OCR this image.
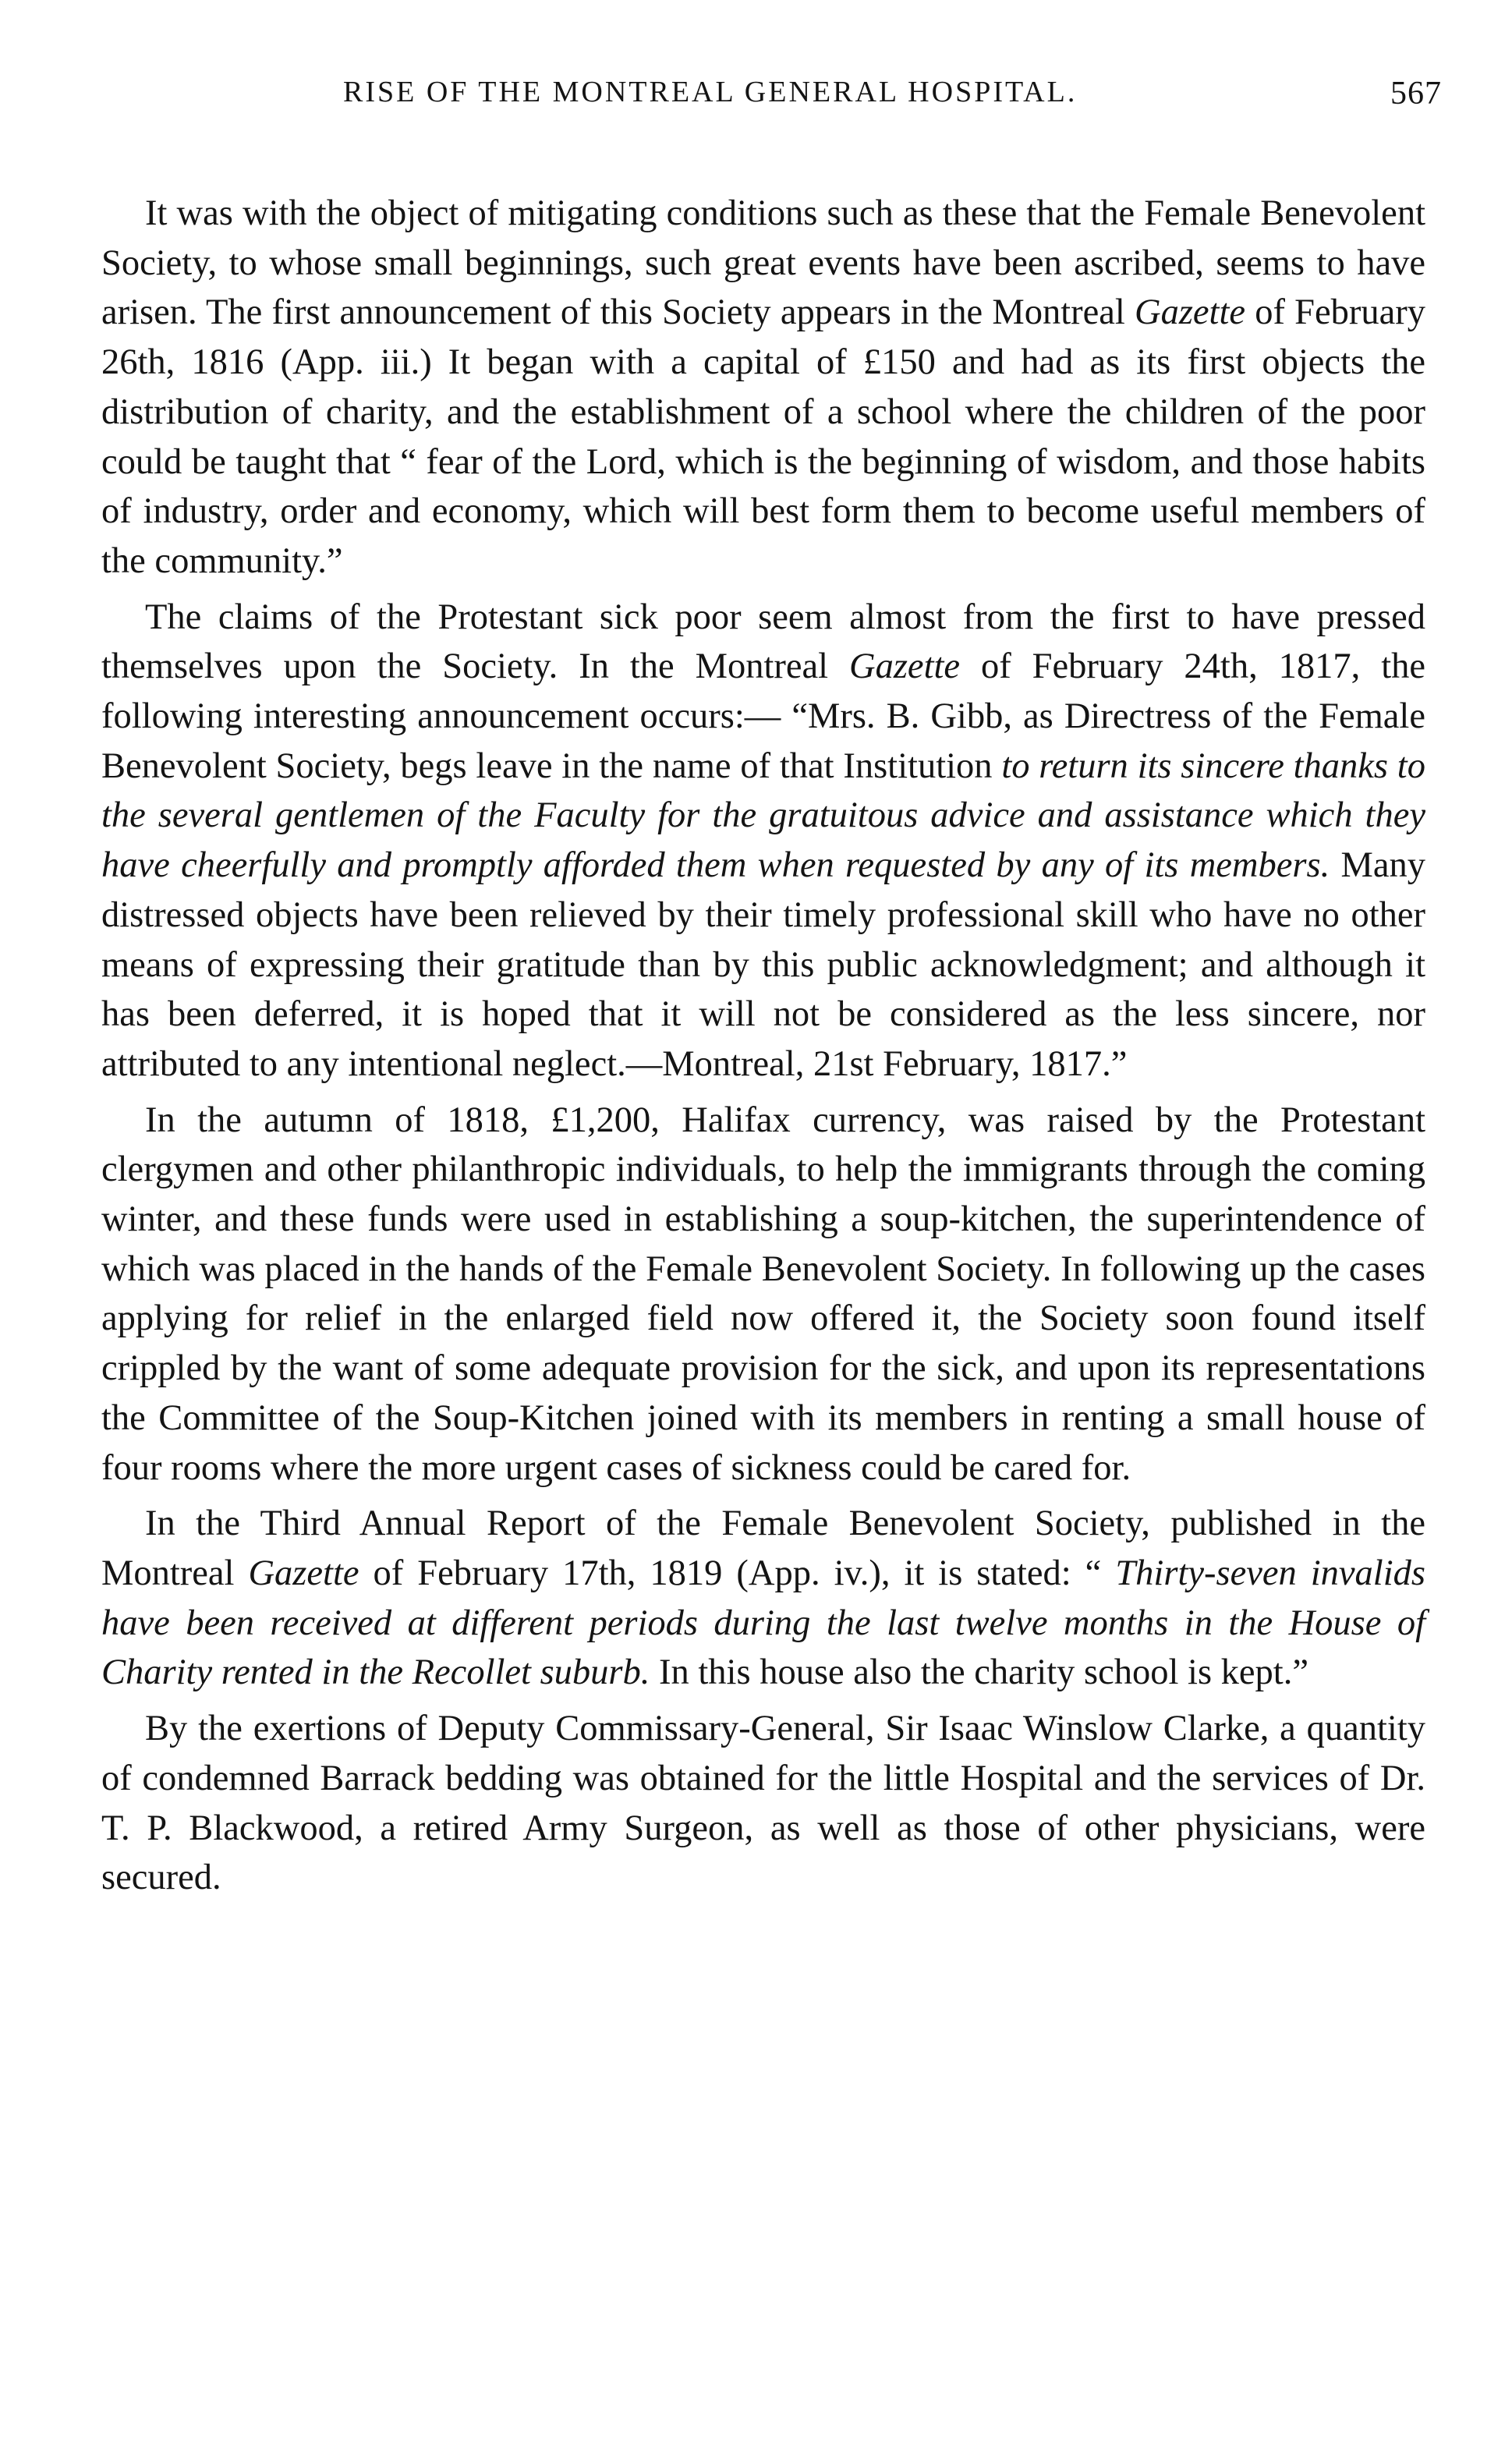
RISE OF THE MONTREAL GENERAL HOSPITAL.	567

It was with the object of mitigating conditions such as these that the Female Benevolent Society, to whose small beginnings, such great events have been ascribed, seems to have arisen. The first announcement of this Society appears in the Montreal Gazette of February 26th, 1816 (App. iii.) It began with a capital of £150 and had as its first objects the distribution of charity, and the establishment of a school where the children of the poor could be taught that “ fear of the Lord, which is the beginning of wisdom, and those habits of industry, order and economy, which will best form them to become useful members of the community.”

The claims of the Protestant sick poor seem almost from the first to have pressed themselves upon the Society. In the Montreal Gazette of February 24th, 1817, the following interesting announcement occurs:— “Mrs. B. Gibb, as Directress of the Female Benevolent Society, begs leave in the name of that Institution to return its sincere thanks to the several gentlemen of the Faculty for the gratuitous advice and assistance which they have cheerfully and promptly afforded them when requested by any of its members. Many distressed objects have been relieved by their timely professional skill who have no other means of expressing their gratitude than by this public acknowledgment; and although it has been deferred, it is hoped that it will not be considered as the less sincere, nor attributed to any intentional neglect.—Montreal, 21st February, 1817.”

In the autumn of 1818, £1,200, Halifax currency, was raised by the Protestant clergymen and other philanthropic individuals, to help the immigrants through the coming winter, and these funds were used in establishing a soup-kitchen, the superintendence of which was placed in the hands of the Female Benevolent Society. In following up the cases applying for relief in the enlarged field now offered it, the Society soon found itself crippled by the want of some adequate provision for the sick, and upon its representations the Committee of the Soup-Kitchen joined with its members in renting a small house of four rooms where the more urgent cases of sickness could be cared for.

In the Third Annual Report of the Female Benevolent Society, published in the Montreal Gazette of February 17th, 1819 (App. iv.), it is stated: “ Thirty-seven invalids have been received at different periods during the last twelve months in the House of Charity rented in the Recollet suburb. In this house also the charity school is kept.”

By the exertions of Deputy Commissary-General, Sir Isaac Winslow Clarke, a quantity of condemned Barrack bedding was obtained for the little Hospital and the services of Dr. T. P. Blackwood, a retired Army Surgeon, as well as those of other physicians, were secured.
